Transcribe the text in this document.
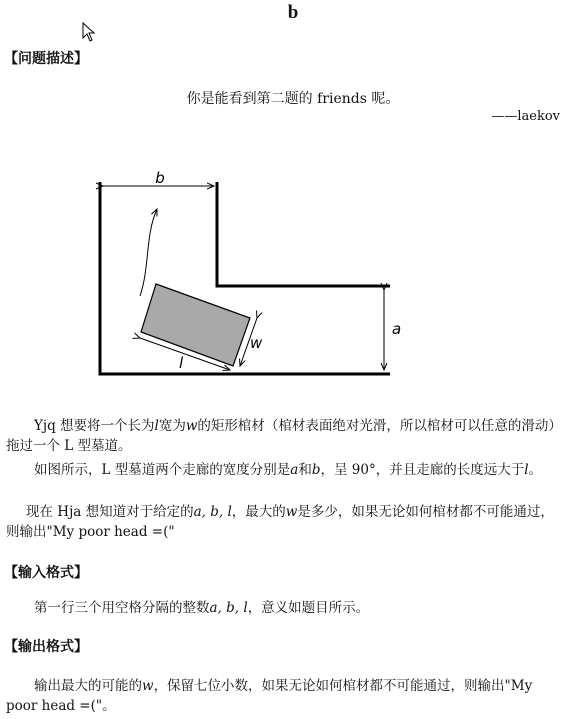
b
【问题描述】
你是能看到第二题的 friends 呢。
——laekov
b
a
w
l
Yjq 想要将一个长为l宽为w的矩形棺材（棺材表面绝对光滑，所以棺材可以任意的滑动）拖过一个 L 型墓道。
如图所示，L 型墓道两个走廊的宽度分别是a和b，呈 90°，并且走廊的长度远大于l。
现在 Hja 想知道对于给定的a, b, l，最大的w是多少，如果无论如何棺材都不可能通过，则输出"My poor head =("
【输入格式】
第一行三个用空格分隔的整数a, b, l，意义如题目所示。
【输出格式】
输出最大的可能的w，保留七位小数，如果无论如何棺材都不可能通过，则输出"My poor head =("。
